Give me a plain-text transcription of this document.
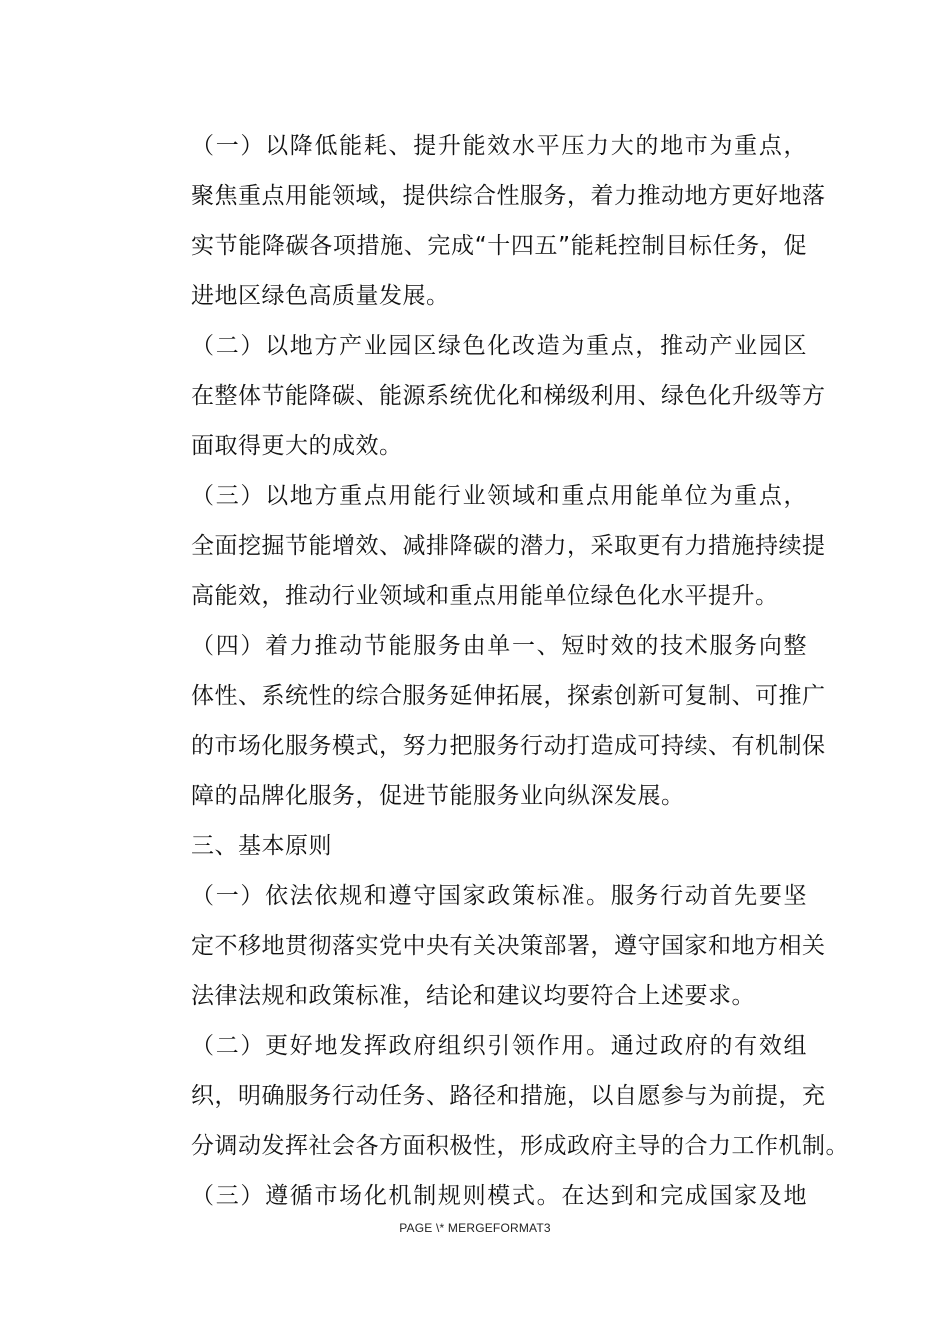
（一）以降低能耗、提升能效水平压力大的地市为重点，
聚焦重点用能领域，提供综合性服务，着力推动地方更好地落
实节能降碳各项措施、完成“十四五”能耗控制目标任务，促
进地区绿色高质量发展。

（二）以地方产业园区绿色化改造为重点，推动产业园区
在整体节能降碳、能源系统优化和梯级利用、绿色化升级等方
面取得更大的成效。

（三）以地方重点用能行业领域和重点用能单位为重点，
全面挖掘节能增效、减排降碳的潜力，采取更有力措施持续提
高能效，推动行业领域和重点用能单位绿色化水平提升。

（四）着力推动节能服务由单一、短时效的技术服务向整
体性、系统性的综合服务延伸拓展，探索创新可复制、可推广
的市场化服务模式，努力把服务行动打造成可持续、有机制保
障的品牌化服务，促进节能服务业向纵深发展。

三、基本原则

（一）依法依规和遵守国家政策标准。服务行动首先要坚
定不移地贯彻落实党中央有关决策部署，遵守国家和地方相关
法律法规和政策标准，结论和建议均要符合上述要求。

（二）更好地发挥政府组织引领作用。通过政府的有效组
织，明确服务行动任务、路径和措施，以自愿参与为前提，充
分调动发挥社会各方面积极性，形成政府主导的合力工作机制。

（三）遵循市场化机制规则模式。在达到和完成国家及地

PAGE \* MERGEFORMAT3
